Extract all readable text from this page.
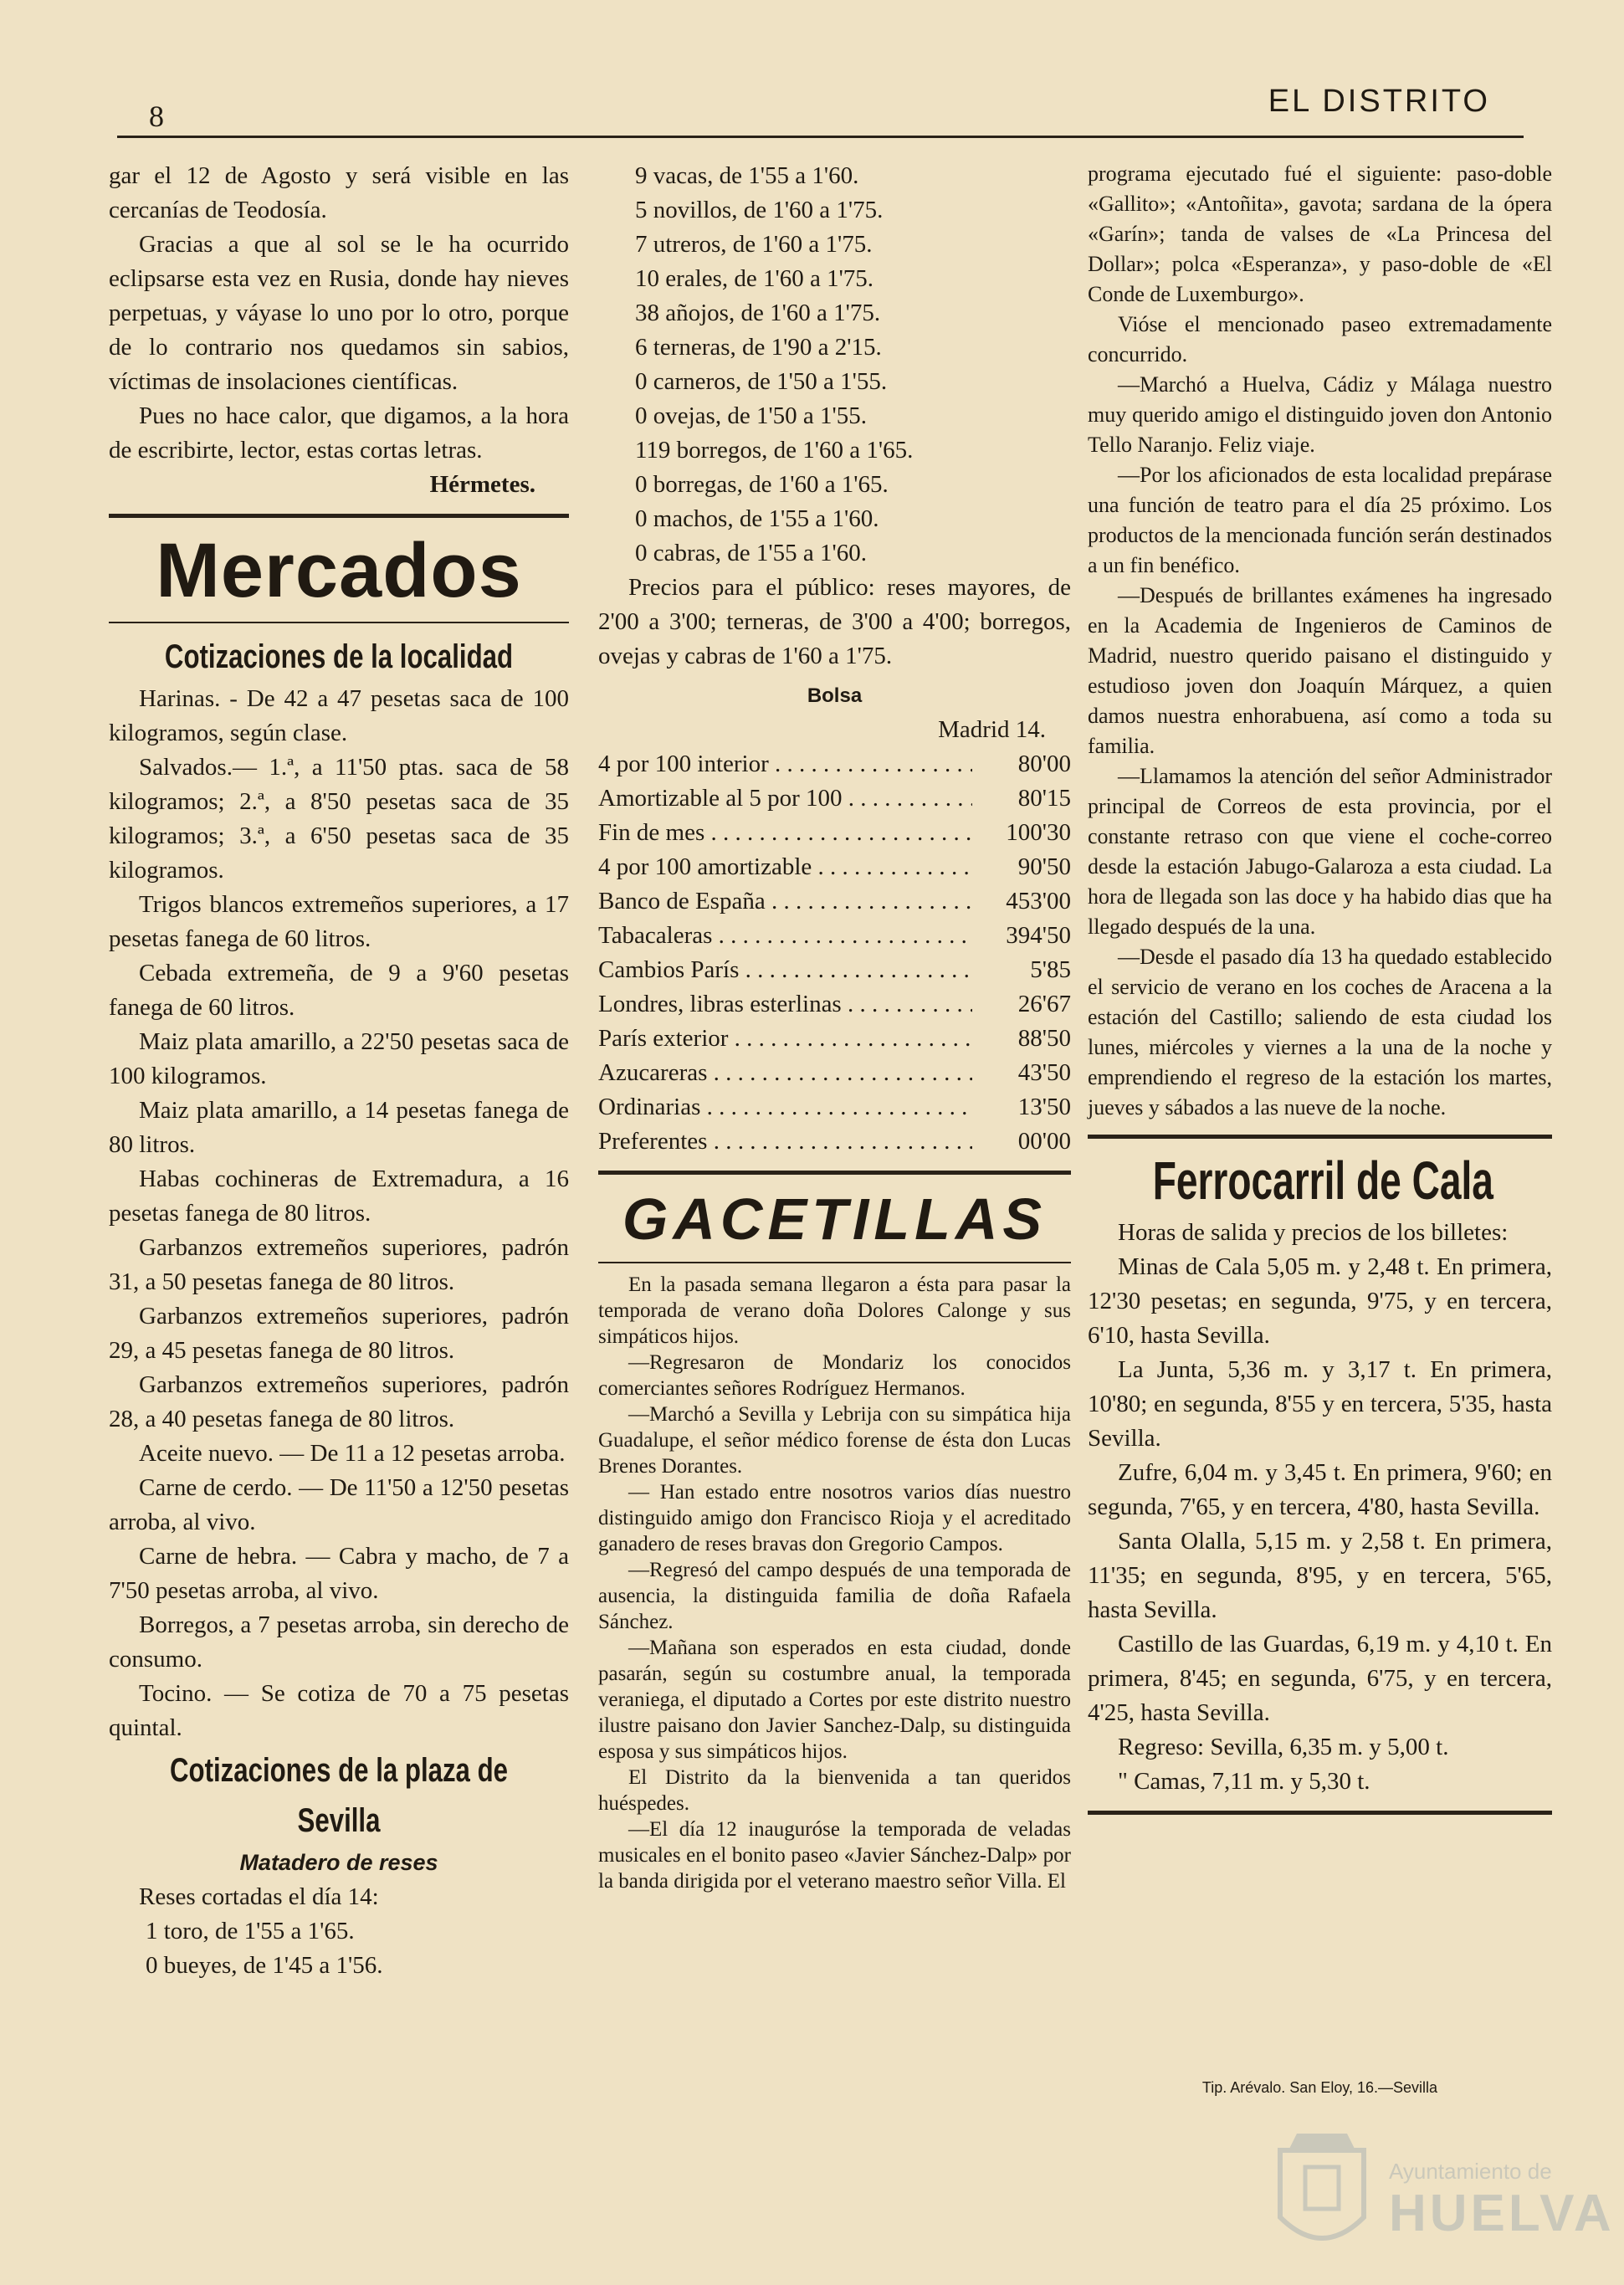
8	EL DISTRITO

gar el 12 de Agosto y será visible en las cercanías de Teodosía.

Gracias a que al sol se le ha ocurrido eclipsarse esta vez en Rusia, donde hay nieves perpetuas, y váyase lo uno por lo otro, porque de lo contrario nos quedamos sin sabios, víctimas de insolaciones científicas.

Pues no hace calor, que digamos, a la hora de escribirte, lector, estas cortas letras.

Hérmetes.

Mercados
Cotizaciones de la localidad

Harinas. - De 42 a 47 pesetas saca de 100 kilogramos, según clase.

Salvados.— 1.ª, a 11'50 ptas. saca de 58 kilogramos; 2.ª, a 8'50 pesetas saca de 35 kilogramos; 3.ª, a 6'50 pesetas saca de 35 kilogramos.

Trigos blancos extremeños superiores, a 17 pesetas fanega de 60 litros.

Cebada extremeña, de 9 a 9'60 pesetas fanega de 60 litros.

Maiz plata amarillo, a 22'50 pesetas saca de 100 kilogramos.

Maiz plata amarillo, a 14 pesetas fanega de 80 litros.

Habas cochineras de Extremadura, a 16 pesetas fanega de 80 litros.

Garbanzos extremeños superiores, padrón 31, a 50 pesetas fanega de 80 litros.

Garbanzos extremeños superiores, padrón 29, a 45 pesetas fanega de 80 litros.

Garbanzos extremeños superiores, padrón 28, a 40 pesetas fanega de 80 litros.

Aceite nuevo. — De 11 a 12 pesetas arroba.

Carne de cerdo. — De 11'50 a 12'50 pesetas arroba, al vivo.

Carne de hebra. — Cabra y macho, de 7 a 7'50 pesetas arroba, al vivo.

Borregos, a 7 pesetas arroba, sin derecho de consumo.

Tocino. — Se cotiza de 70 a 75 pesetas quintal.

Cotizaciones de la plaza de Sevilla
Matadero de reses

Reses cortadas el día 14:

1 toro, de 1'55 a 1'65.

0 bueyes, de 1'45 a 1'56.

9 vacas, de 1'55 a 1'60.

5 novillos, de 1'60 a 1'75.

7 utreros, de 1'60 a 1'75.

10 erales, de 1'60 a 1'75.

38 añojos, de 1'60 a 1'75.

6 terneras, de 1'90 a 2'15.

0 carneros, de 1'50 a 1'55.

0 ovejas, de 1'50 a 1'55.

119 borregos, de 1'60 a 1'65.

0 borregas, de 1'60 a 1'65.

0 machos, de 1'55 a 1'60.

0 cabras, de 1'55 a 1'60.

Precios para el público: reses mayores, de 2'00 a 3'00; terneras, de 3'00 a 4'00; borregos, ovejas y cabras de 1'60 a 1'75.

Bolsa

Madrid 14.

4 por 100 interior . . .	80'00
Amortizable al 5 por 100 . . .	80'15
Fin de mes . . .	100'30
4 por 100 amortizable . . .	90'50
Banco de España . . .	453'00
Tabacaleras . . .	394'50
Cambios París . . .	5'85
Londres, libras esterlinas . . .	26'67
París exterior . . .	88'50
Azucareras . . .	43'50
Ordinarias . . .	13'50
Preferentes . . .	00'00
GACETILLAS

En la pasada semana llegaron a ésta para pasar la temporada de verano doña Dolores Calonge y sus simpáticos hijos.

—Regresaron de Mondariz los conocidos comerciantes señores Rodríguez Hermanos.

—Marchó a Sevilla y Lebrija con su simpática hija Guadalupe, el señor médico forense de ésta don Lucas Brenes Dorantes.

— Han estado entre nosotros varios días nuestro distinguido amigo don Francisco Rioja y el acreditado ganadero de reses bravas don Gregorio Campos.

—Regresó del campo después de una temporada de ausencia, la distinguida familia de doña Rafaela Sánchez.

—Mañana son esperados en esta ciudad, donde pasarán, según su costumbre anual, la temporada veraniega, el diputado a Cortes por este distrito nuestro ilustre paisano don Javier Sanchez-Dalp, su distinguida esposa y sus simpáticos hijos.

El Distrito da la bienvenida a tan queridos huéspedes.

—El día 12 inauguróse la temporada de veladas musicales en el bonito paseo «Javier Sánchez-Dalp» por la banda dirigida por el veterano maestro señor Villa. El

programa ejecutado fué el siguiente: paso-doble «Gallito»; «Antoñita», gavota; sardana de la ópera «Garín»; tanda de valses de «La Princesa del Dollar»; polca «Esperanza», y paso-doble de «El Conde de Luxemburgo».

Vióse el mencionado paseo extremadamente concurrido.

—Marchó a Huelva, Cádiz y Málaga nuestro muy querido amigo el distinguido joven don Antonio Tello Naranjo. Feliz viaje.

—Por los aficionados de esta localidad prepárase una función de teatro para el día 25 próximo. Los productos de la mencionada función serán destinados a un fin benéfico.

—Después de brillantes exámenes ha ingresado en la Academia de Ingenieros de Caminos de Madrid, nuestro querido paisano el distinguido y estudioso joven don Joaquín Márquez, a quien damos nuestra enhorabuena, así como a toda su familia.

—Llamamos la atención del señor Administrador principal de Correos de esta provincia, por el constante retraso con que viene el coche-correo desde la estación Jabugo-Galaroza a esta ciudad. La hora de llegada son las doce y ha habido dias que ha llegado después de la una.

—Desde el pasado día 13 ha quedado establecido el servicio de verano en los coches de Aracena a la estación del Castillo; saliendo de esta ciudad los lunes, miércoles y viernes a la una de la noche y emprendiendo el regreso de la estación los martes, jueves y sábados a las nueve de la noche.

Ferrocarril de Cala

Horas de salida y precios de los billetes:

Minas de Cala 5,05 m. y 2,48 t. En primera, 12'30 pesetas; en segunda, 9'75, y en tercera, 6'10, hasta Sevilla.

La Junta, 5,36 m. y 3,17 t. En primera, 10'80; en segunda, 8'55 y en tercera, 5'35, hasta Sevilla.

Zufre, 6,04 m. y 3,45 t. En primera, 9'60; en segunda, 7'65, y en tercera, 4'80, hasta Sevilla.

Santa Olalla, 5,15 m. y 2,58 t. En primera, 11'35; en segunda, 8'95, y en tercera, 5'65, hasta Sevilla.

Castillo de las Guardas, 6,19 m. y 4,10 t. En primera, 8'45; en segunda, 6'75, y en tercera, 4'25, hasta Sevilla.

Regreso: Sevilla, 6,35 m. y 5,00 t.

" Camas, 7,11 m. y 5,30 t.

Tip. Arévalo. San Eloy, 16.—Sevilla
Ayuntamiento de
HUELVA
